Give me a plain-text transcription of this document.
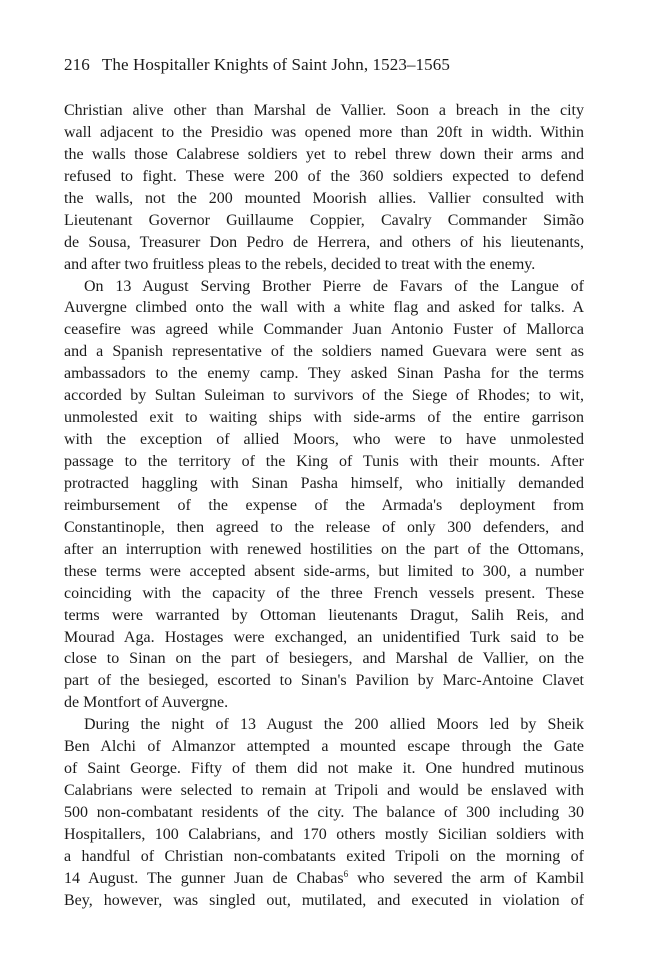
216 The Hospitaller Knights of Saint John, 1523–1565
Christian alive other than Marshal de Vallier. Soon a breach in the city
wall adjacent to the Presidio was opened more than 20ft in width. Within
the walls those Calabrese soldiers yet to rebel threw down their arms and
refused to fight. These were 200 of the 360 soldiers expected to defend
the walls, not the 200 mounted Moorish allies. Vallier consulted with
Lieutenant Governor Guillaume Coppier, Cavalry Commander Simão
de Sousa, Treasurer Don Pedro de Herrera, and others of his lieutenants,
and after two fruitless pleas to the rebels, decided to treat with the enemy.
On 13 August Serving Brother Pierre de Favars of the Langue of
Auvergne climbed onto the wall with a white flag and asked for talks. A
ceasefire was agreed while Commander Juan Antonio Fuster of Mallorca
and a Spanish representative of the soldiers named Guevara were sent as
ambassadors to the enemy camp. They asked Sinan Pasha for the terms
accorded by Sultan Suleiman to survivors of the Siege of Rhodes; to wit,
unmolested exit to waiting ships with side-arms of the entire garrison
with the exception of allied Moors, who were to have unmolested
passage to the territory of the King of Tunis with their mounts. After
protracted haggling with Sinan Pasha himself, who initially demanded
reimbursement of the expense of the Armada's deployment from
Constantinople, then agreed to the release of only 300 defenders, and
after an interruption with renewed hostilities on the part of the Ottomans,
these terms were accepted absent side-arms, but limited to 300, a number
coinciding with the capacity of the three French vessels present. These
terms were warranted by Ottoman lieutenants Dragut, Salih Reis, and
Mourad Aga. Hostages were exchanged, an unidentified Turk said to be
close to Sinan on the part of besiegers, and Marshal de Vallier, on the
part of the besieged, escorted to Sinan's Pavilion by Marc-Antoine Clavet
de Montfort of Auvergne.
During the night of 13 August the 200 allied Moors led by Sheik
Ben Alchi of Almanzor attempted a mounted escape through the Gate
of Saint George. Fifty of them did not make it. One hundred mutinous
Calabrians were selected to remain at Tripoli and would be enslaved with
500 non-combatant residents of the city. The balance of 300 including 30
Hospitallers, 100 Calabrians, and 170 others mostly Sicilian soldiers with
a handful of Christian non-combatants exited Tripoli on the morning of
14 August. The gunner Juan de Chabas$^6$ who severed the arm of Kambil
Bey, however, was singled out, mutilated, and executed in violation of
